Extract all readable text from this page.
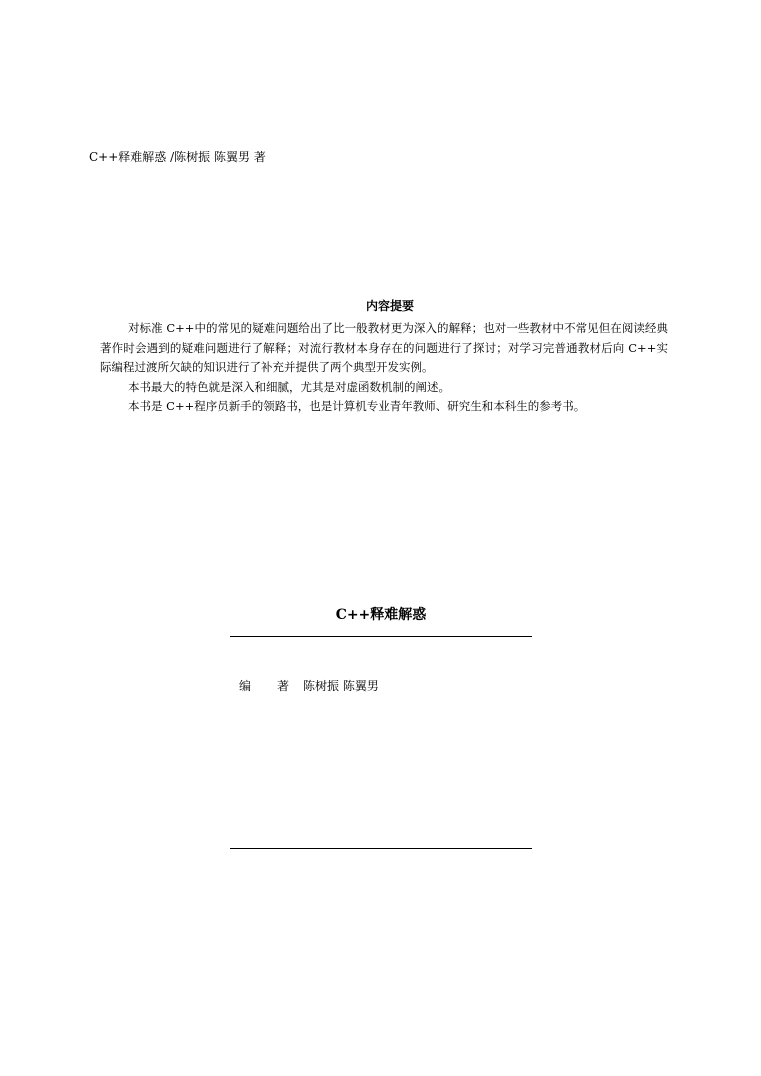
C++释难解惑 /陈树振 陈翼男 著
内容提要

对标准 C++中的常见的疑难问题给出了比一般教材更为深入的解释；也对一些教材中不常见但在阅读经典著作时会遇到的疑难问题进行了解释；对流行教材本身存在的问题进行了探讨；对学习完普通教材后向 C++实际编程过渡所欠缺的知识进行了补充并提供了两个典型开发实例。

本书最大的特色就是深入和细腻，尤其是对虚函数机制的阐述。

本书是 C++程序员新手的领路书，也是计算机专业青年教师、研究生和本科生的参考书。

C++释难解惑
编 著 陈树振 陈翼男
